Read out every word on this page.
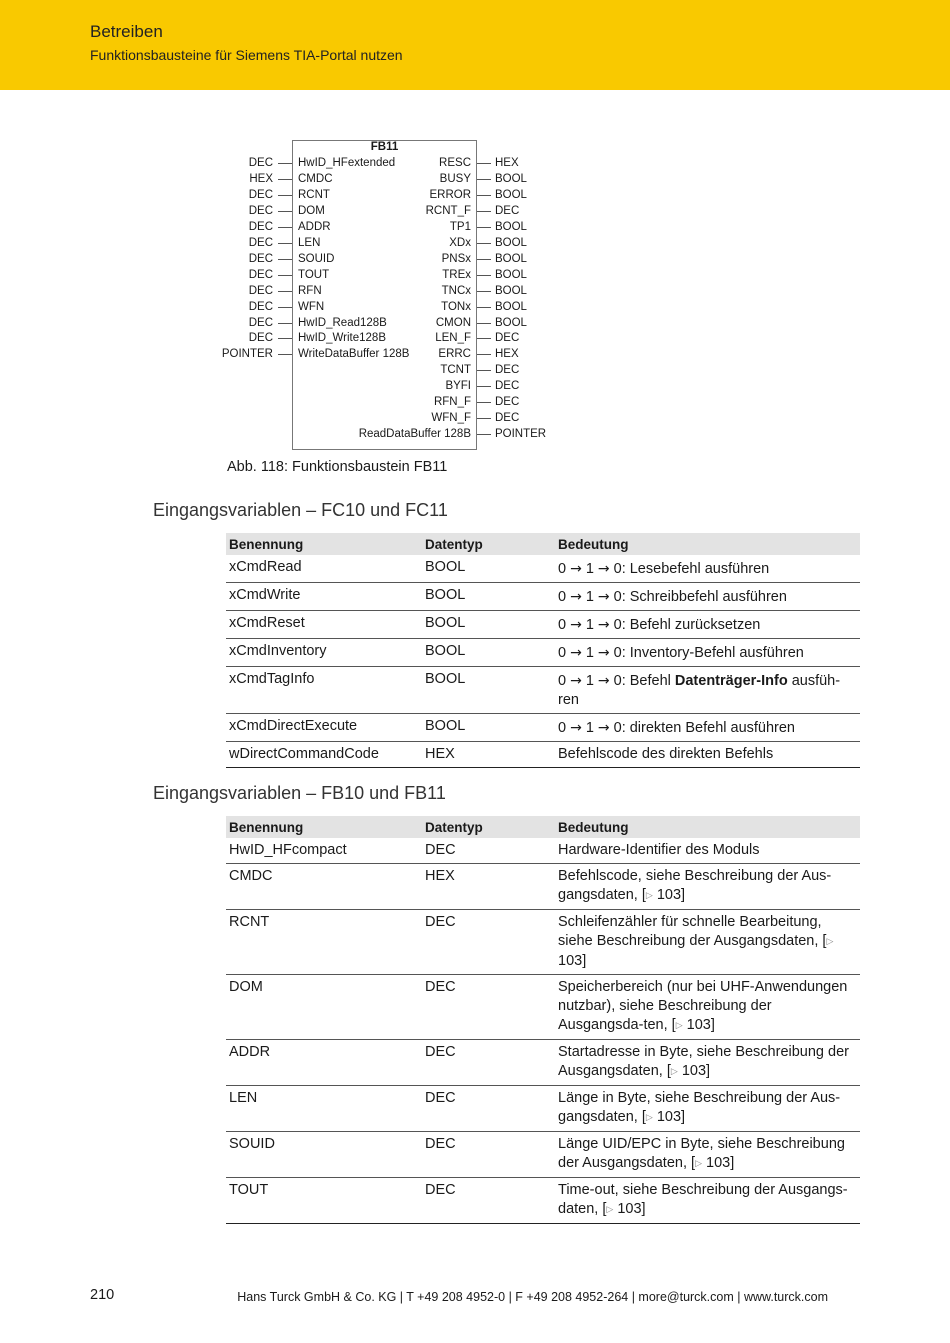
Betreiben
Funktionsbausteine für Siemens TIA-Portal nutzen
FB11
DEC HwID_HFextended
HEX CMDC
DEC RCNT
DEC DOM
DEC ADDR
DEC LEN
DEC SOUID
DEC TOUT
DEC RFN
DEC WFN
DEC HwID_Read128B
DEC HwID_Write128B
POINTER WriteDataBuffer 128B
RESC HEX
BUSY BOOL
ERROR BOOL
RCNT_F DEC
TP1 BOOL
XDx BOOL
PNSx BOOL
TREx BOOL
TNCx BOOL
TONx BOOL
CMON BOOL
LEN_F DEC
ERRC HEX
TCNT DEC
BYFI DEC
RFN_F DEC
WFN_F DEC
ReadDataBuffer 128B POINTER
Abb. 118: Funktionsbaustein FB11
Eingangsvariablen – FC10 und FC11
Benennung	Datentyp	Bedeutung
xCmdRead	BOOL	0 → 1 → 0: Lesebefehl ausführen
xCmdWrite	BOOL	0 → 1 → 0: Schreibbefehl ausführen
xCmdReset	BOOL	0 → 1 → 0: Befehl zurücksetzen
xCmdInventory	BOOL	0 → 1 → 0: Inventory-Befehl ausführen
xCmdTagInfo	BOOL	0 → 1 → 0: Befehl Datenträger-Info ausfüh-ren
xCmdDirectExecute	BOOL	0 → 1 → 0: direkten Befehl ausführen
wDirectCommandCode	HEX	Befehlscode des direkten Befehls
Eingangsvariablen – FB10 und FB11
Benennung	Datentyp	Bedeutung
HwID_HFcompact	DEC	Hardware-Identifier des Moduls
CMDC	HEX	Befehlscode, siehe Beschreibung der Aus-gangsdaten, [▷ 103]
RCNT	DEC	Schleifenzähler für schnelle Bearbeitung, siehe Beschreibung der Ausgangsdaten, [▷ 103]
DOM	DEC	Speicherbereich (nur bei UHF-Anwendungen nutzbar), siehe Beschreibung der Ausgangsda-ten, [▷ 103]
ADDR	DEC	Startadresse in Byte, siehe Beschreibung der Ausgangsdaten, [▷ 103]
LEN	DEC	Länge in Byte, siehe Beschreibung der Aus-gangsdaten, [▷ 103]
SOUID	DEC	Länge UID/EPC in Byte, siehe Beschreibung der Ausgangsdaten, [▷ 103]
TOUT	DEC	Time-out, siehe Beschreibung der Ausgangs-daten, [▷ 103]
210	Hans Turck GmbH & Co. KG | T +49 208 4952-0 | F +49 208 4952-264 | more@turck.com | www.turck.com
